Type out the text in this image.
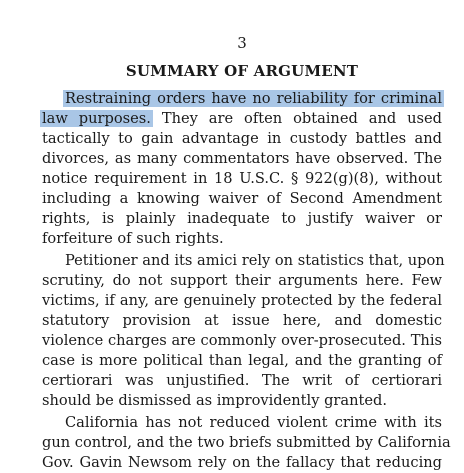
3
SUMMARY OF ARGUMENT
Restraining orders have no reliability for criminal
law purposes. They are often obtained and used
tactically to gain advantage in custody battles and
divorces, as many commentators have observed. The
notice requirement in 18 U.S.C. § 922(g)(8), without
including a knowing waiver of Second Amendment
rights, is plainly inadequate to justify waiver or
forfeiture of such rights.
Petitioner and its amici rely on statistics that, upon
scrutiny, do not support their arguments here. Few
victims, if any, are genuinely protected by the federal
statutory provision at issue here, and domestic
violence charges are commonly over-prosecuted. This
case is more political than legal, and the granting of
certiorari was unjustified. The writ of certiorari
should be dismissed as improvidently granted.
California has not reduced violent crime with its
gun control, and the two briefs submitted by California
Gov. Gavin Newsom rely on the fallacy that reducing
